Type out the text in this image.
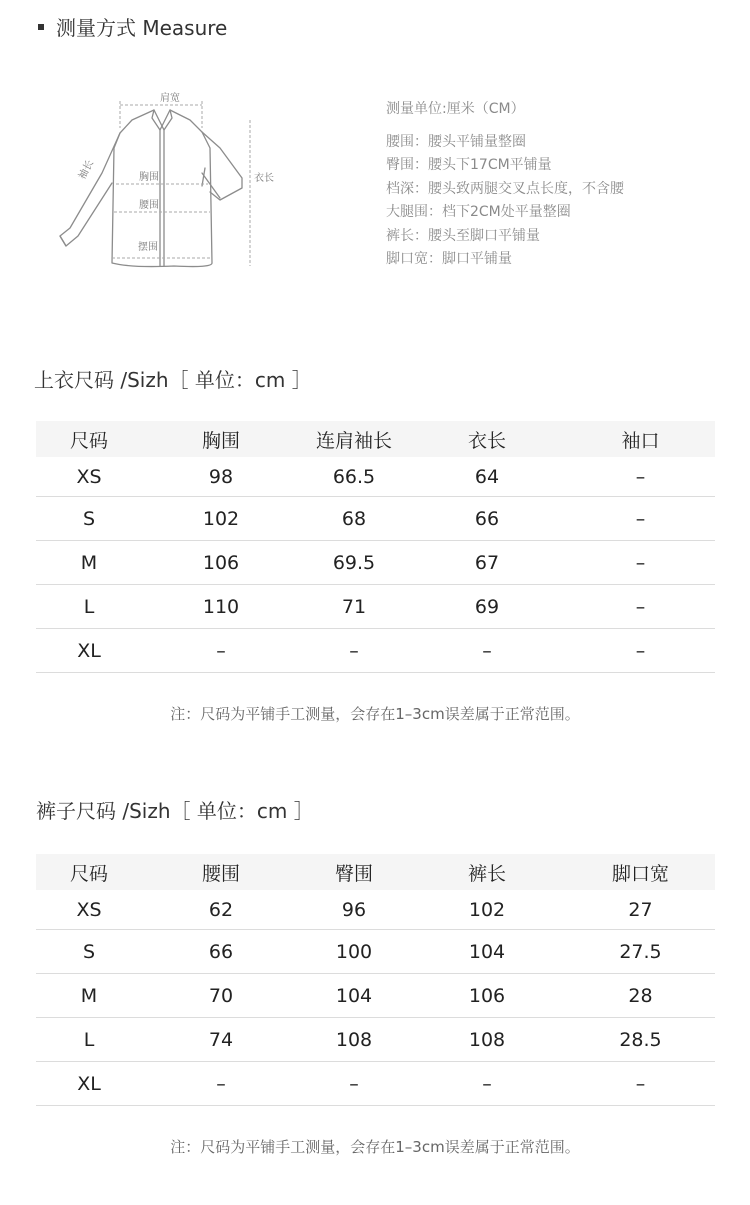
测量方式 Measure
肩宽
袖长	衣长
胸围
腰围
摆围
测量单位:厘米（CM）
腰围：腰头平铺量整圈
臀围：腰头下17CM平铺量
档深：腰头致两腿交叉点长度，不含腰
大腿围：档下2CM处平量整圈
裤长：腰头至脚口平铺量
脚口宽：脚口平铺量
上衣尺码 /Sizh［ 单位：cm ］
尺码	胸围	连肩袖长	衣长	袖口
XS	98	66.5	64	–
S	102	68	66	–
M	106	69.5	67	–
L	110	71	69	–
XL	–	–	–	–
注：尺码为平铺手工测量，会存在1–3cm误差属于正常范围。
裤子尺码 /Sizh［ 单位：cm ］
尺码	腰围	臀围	裤长	脚口宽
XS	62	96	102	27
S	66	100	104	27.5
M	70	104	106	28
L	74	108	108	28.5
XL	–	–	–	–
注：尺码为平铺手工测量，会存在1–3cm误差属于正常范围。
